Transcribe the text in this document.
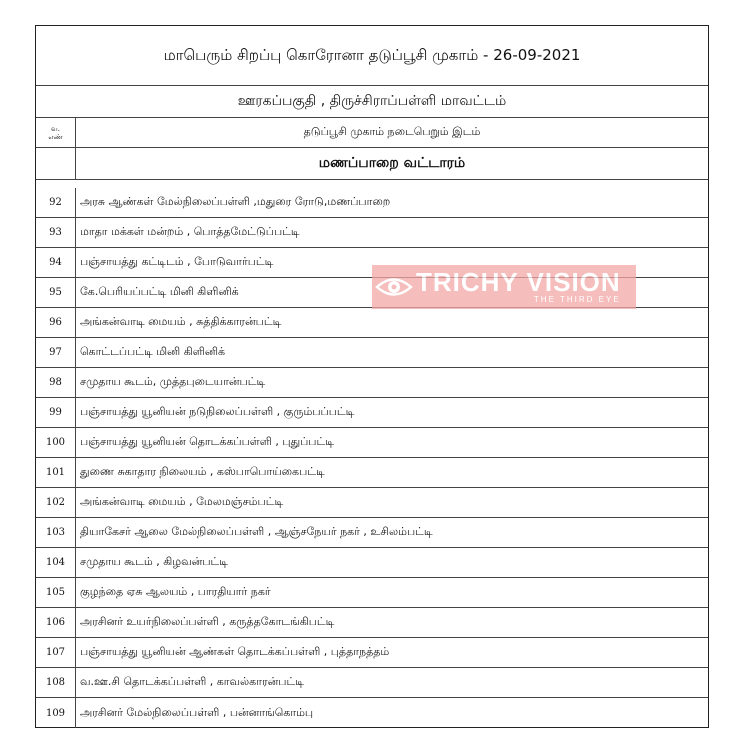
மாபெரும் சிறப்பு கொரோனா தடுப்பூசி முகாம் - 26-09-2021
ஊரகப்பகுதி , திருச்சிராப்பள்ளி மாவட்டம்
வ.
எண்	தடுப்பூசி முகாம் நடைபெறும் இடம்
மணப்பாறை வட்டாரம்
92	அரசு ஆண்கள் மேல்நிலைப்பள்ளி ,மதுரை ரோடு,மணப்பாறை
93	மாதா மக்கள் மன்றம் , பொத்தமேட்டுப்பட்டி
94	பஞ்சாயத்து கட்டிடம் , போடுவார்பட்டி
95	கே.பெரியப்பட்டி மினி கிளினிக்
96	அங்கன்வாடி மையம் , சுத்திக்காரன்பட்டி
97	கொட்டப்பட்டி மினி கிளினிக்
98	சமுதாய கூடம், முத்தபுடையான்பட்டி
99	பஞ்சாயத்து யூனியன் நடுநிலைப்பள்ளி , குரும்பப்பட்டி
100	பஞ்சாயத்து யூனியன் தொடக்கப்பள்ளி , புதுப்பட்டி
101	துணை சுகாதார நிலையம் , கஸ்பாபொய்கைபட்டி
102	அங்கன்வாடி மையம் , மேலமஞ்சம்பட்டி
103	தியாகேசர் ஆலை மேல்நிலைப்பள்ளி , ஆஞ்சநேயர் நகர் , உசிலம்பட்டி
104	சமுதாய கூடம் , கிழவன்பட்டி
105	குழந்தை ஏசு ஆலயம் , பாரதியார் நகர்
106	அரசினர் உயர்நிலைப்பள்ளி , கருத்தகோடங்கிபட்டி
107	பஞ்சாயத்து யூனியன் ஆண்கள் தொடக்கப்பள்ளி , புத்தாநத்தம்
108	வ.ஊ.சி தொடக்கப்பள்ளி , காவல்காரன்பட்டி
109	அரசினர் மேல்நிலைப்பள்ளி , பன்னாங்கொம்பு
TRICHY VISION
THE THIRD EYE
